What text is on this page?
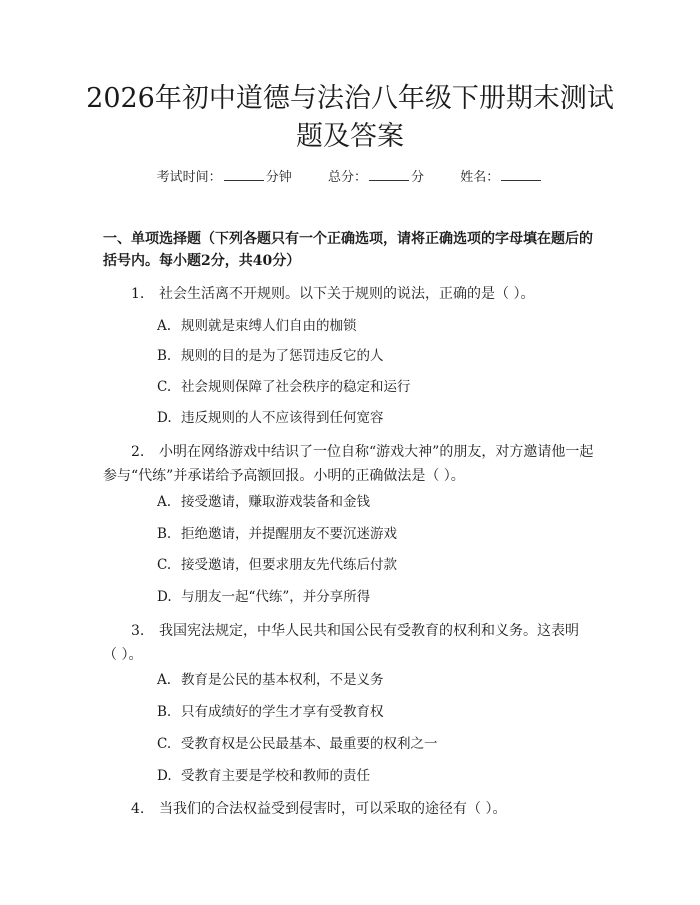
2026年初中道德与法治八年级下册期末测试
题及答案
考试时间：	分钟	总分：	分	姓名：
一、单项选择题（下列各题只有一个正确选项，请将正确选项的字母填在题后的
括号内。每小题2分，共40分）
1. 社会生活离不开规则。以下关于规则的说法，正确的是（ ）。
A. 规则就是束缚人们自由的枷锁
B. 规则的目的是为了惩罚违反它的人
C. 社会规则保障了社会秩序的稳定和运行
D. 违反规则的人不应该得到任何宽容
2. 小明在网络游戏中结识了一位自称“游戏大神”的朋友，对方邀请他一起
参与“代练”并承诺给予高额回报。小明的正确做法是（ ）。
A. 接受邀请，赚取游戏装备和金钱
B. 拒绝邀请，并提醒朋友不要沉迷游戏
C. 接受邀请，但要求朋友先代练后付款
D. 与朋友一起“代练”，并分享所得
3. 我国宪法规定，中华人民共和国公民有受教育的权利和义务。这表明
（ ）。
A. 教育是公民的基本权利，不是义务
B. 只有成绩好的学生才享有受教育权
C. 受教育权是公民最基本、最重要的权利之一
D. 受教育主要是学校和教师的责任
4. 当我们的合法权益受到侵害时，可以采取的途径有（ ）。
